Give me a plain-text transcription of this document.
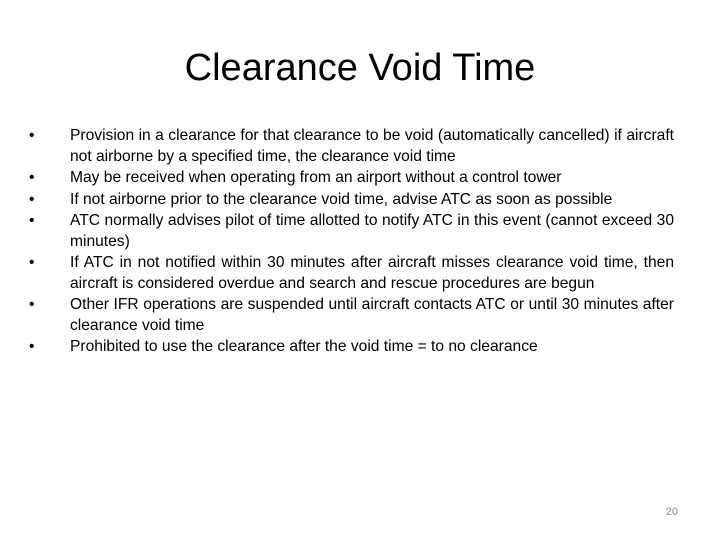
Clearance Void Time
• Provision in a clearance for that clearance to be void (automatically cancelled) if aircraft not airborne by a specified time, the clearance void time
• May be received when operating from an airport without a control tower
• If not airborne prior to the clearance void time, advise ATC as soon as possible
• ATC normally advises pilot of time allotted to notify ATC in this event (cannot exceed 30 minutes)
• If ATC in not notified within 30 minutes after aircraft misses clearance void time, then aircraft is considered overdue and search and rescue procedures are begun
• Other IFR operations are suspended until aircraft contacts ATC or until 30 minutes after clearance void time
• Prohibited to use the clearance after the void time = to no clearance
20
